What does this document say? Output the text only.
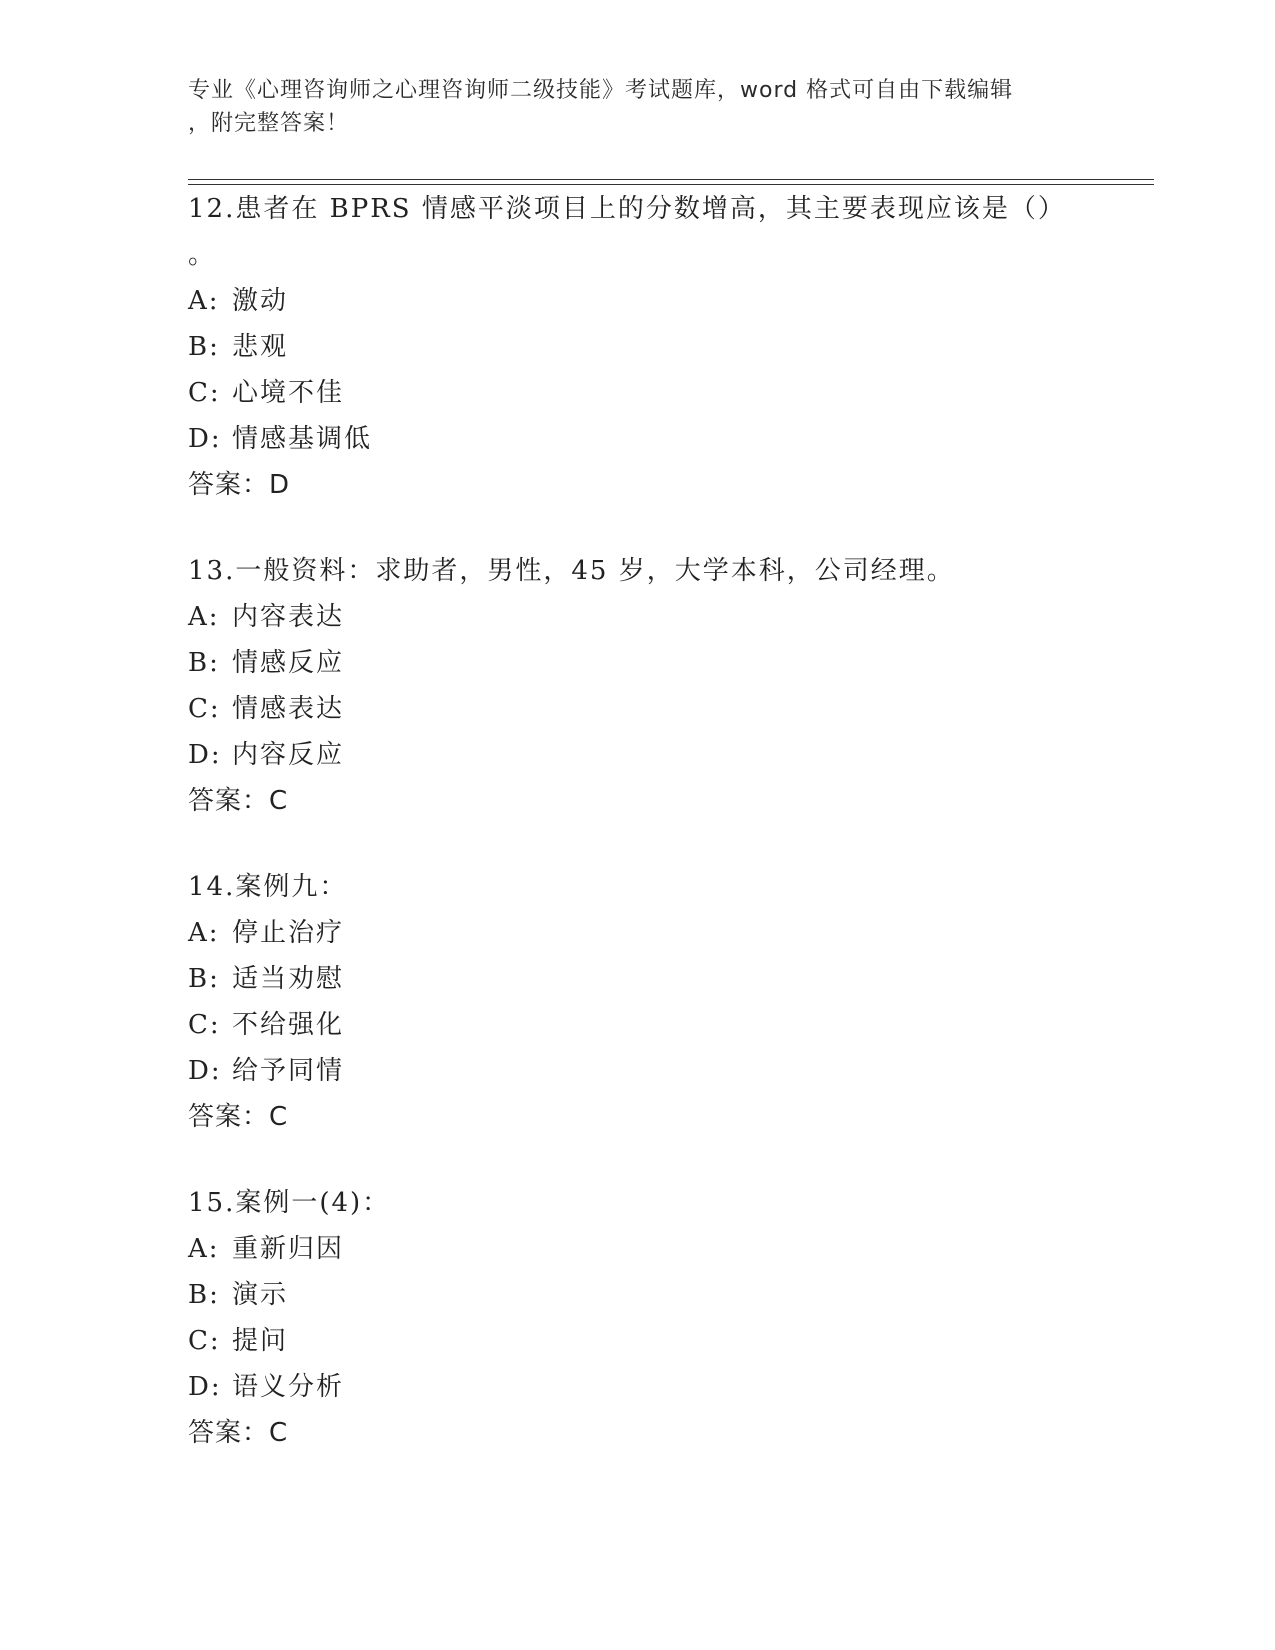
专业《心理咨询师之心理咨询师二级技能》考试题库，word 格式可自由下载编辑
，附完整答案！
12.患者在 BPRS 情感平淡项目上的分数增高，其主要表现应该是（）
。
A: 激动
B: 悲观
C: 心境不佳
D: 情感基调低
答案：D
13.一般资料：求助者，男性，45 岁，大学本科，公司经理。
A: 内容表达
B: 情感反应
C: 情感表达
D: 内容反应
答案：C
14.案例九：
A: 停止治疗
B: 适当劝慰
C: 不给强化
D: 给予同情
答案：C
15.案例一(4)：
A: 重新归因
B: 演示
C: 提问
D: 语义分析
答案：C
